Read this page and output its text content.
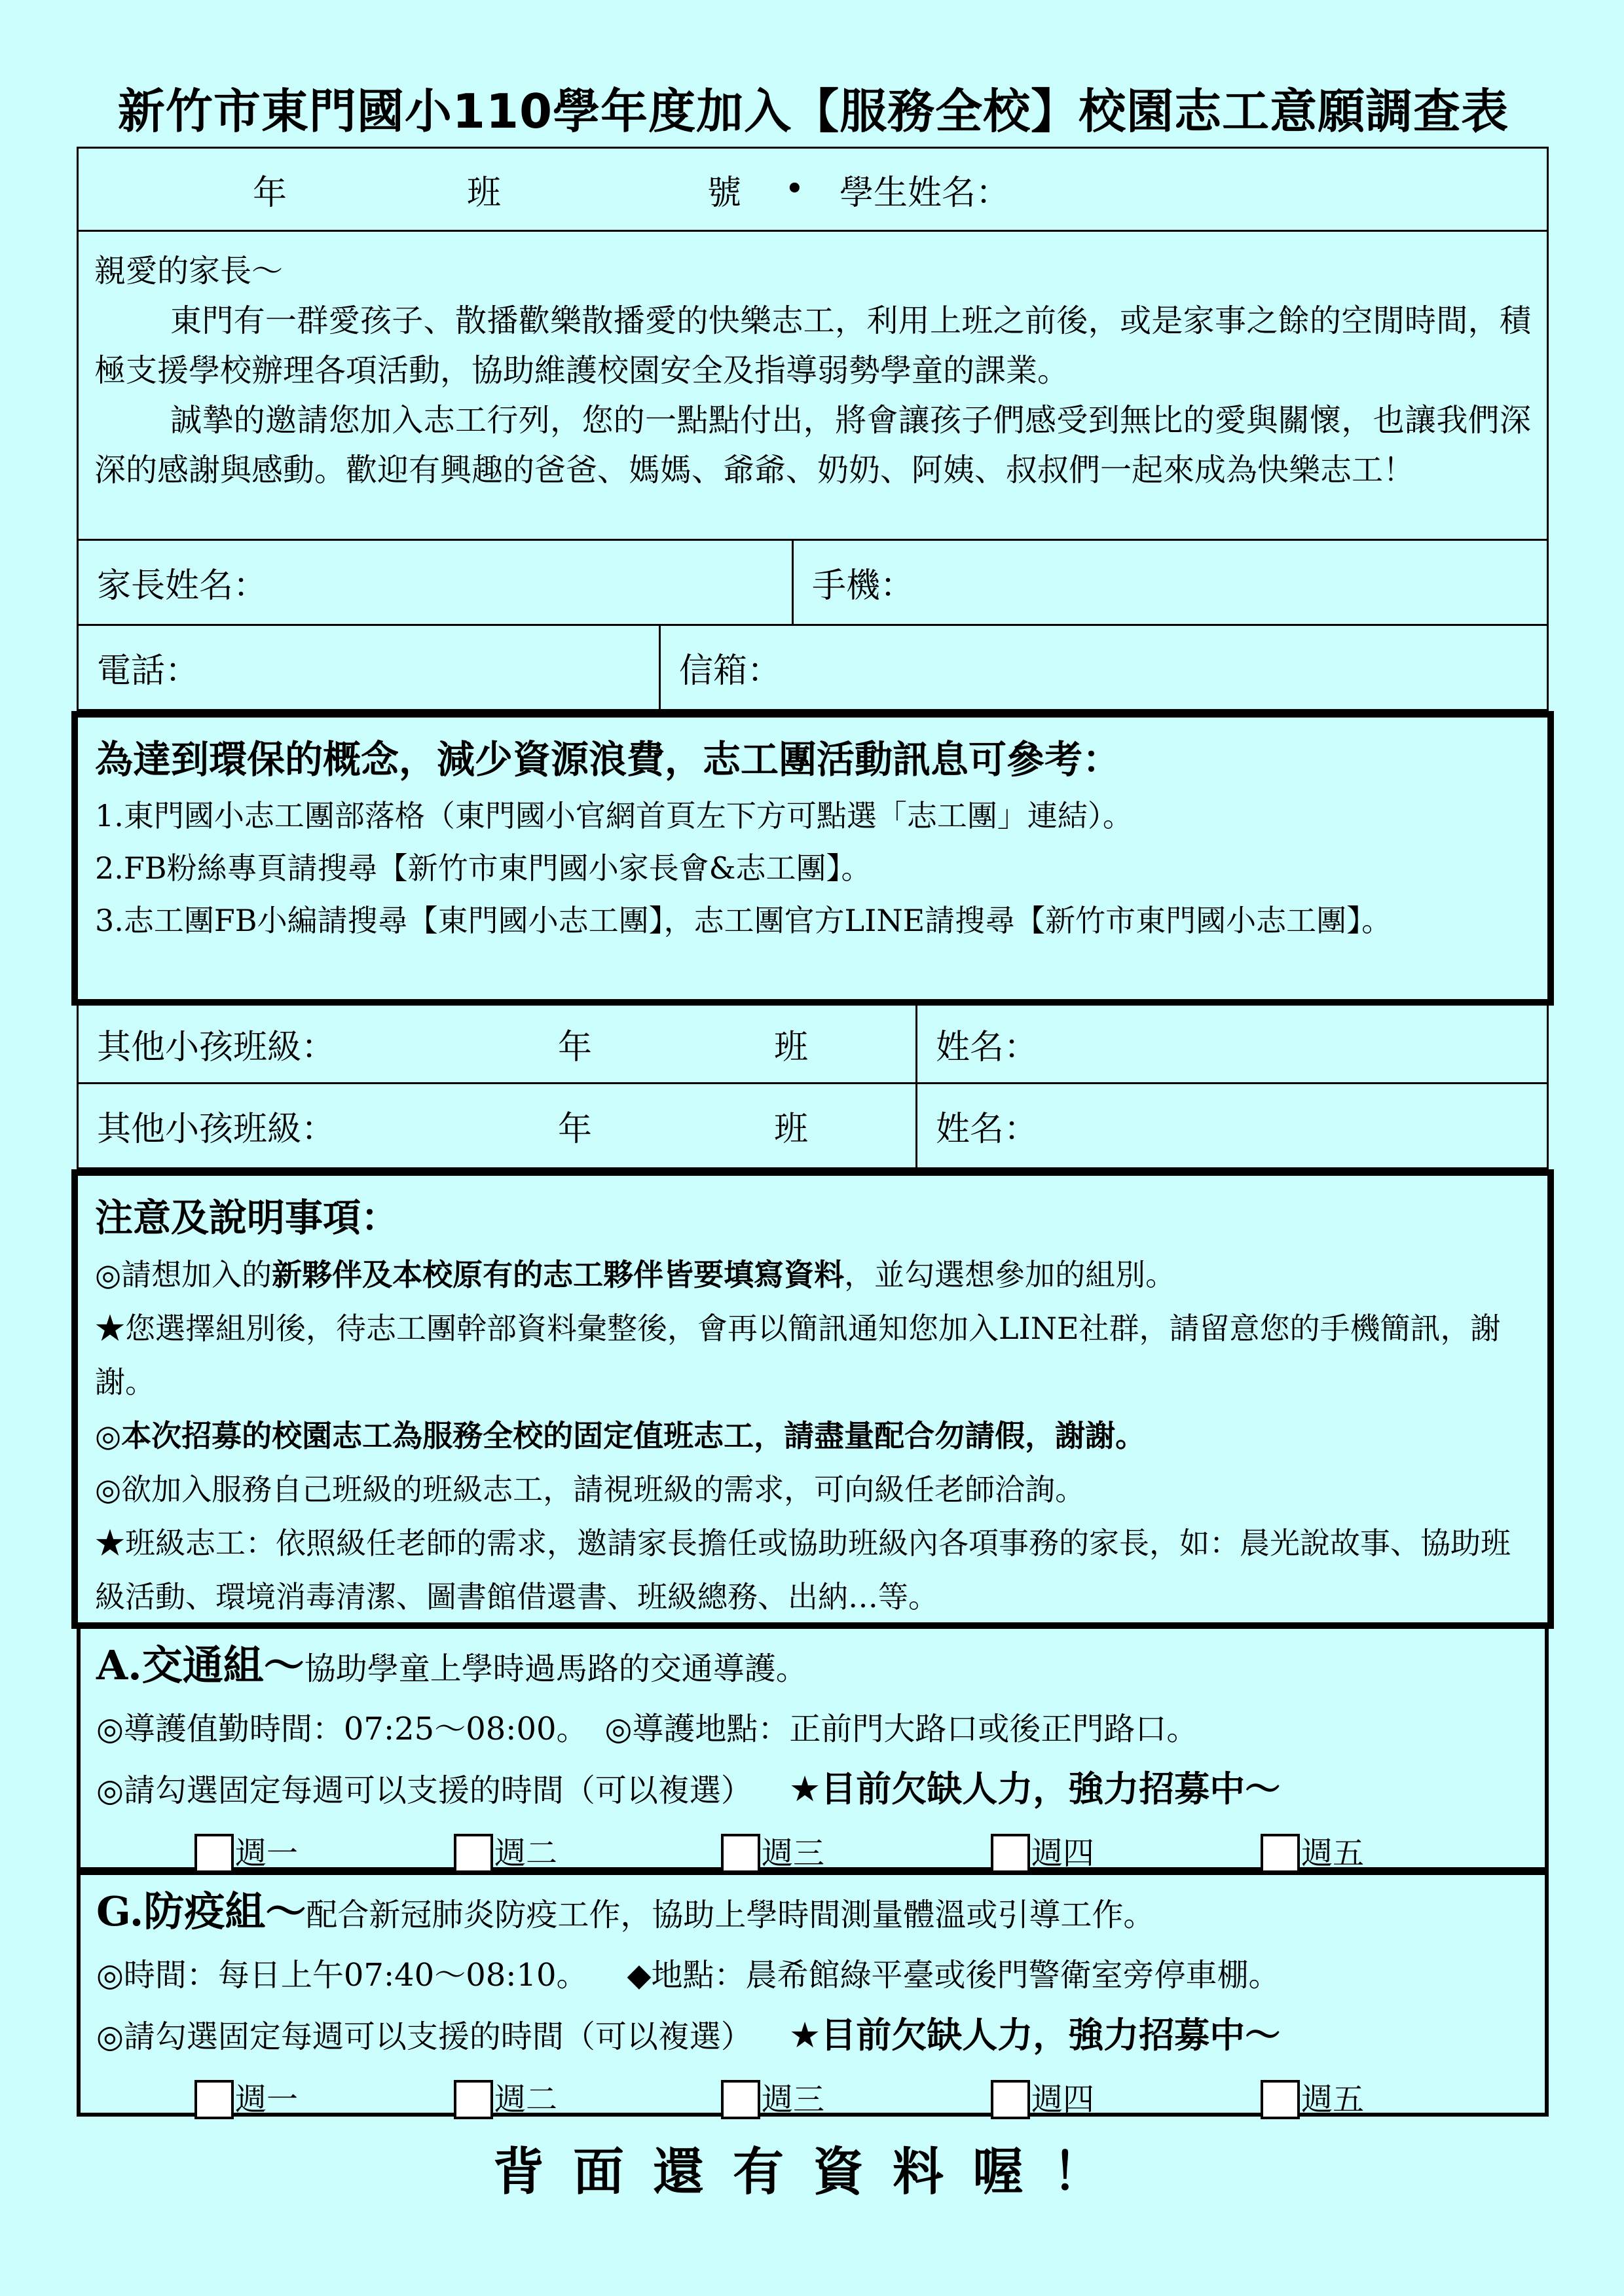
新竹市東門國小110學年度加入【服務全校】校園志工意願調查表
年	班	號 • 學生姓名：

親愛的家長～

東門有一群愛孩子、散播歡樂散播愛的快樂志工，利用上班之前後，或是家事之餘的空閒時間，積極支援學校辦理各項活動，協助維護校園安全及指導弱勢學童的課業。

誠摯的邀請您加入志工行列，您的一點點付出，將會讓孩子們感受到無比的愛與關懷，也讓我們深深的感謝與感動。歡迎有興趣的爸爸、媽媽、爺爺、奶奶、阿姨、叔叔們一起來成為快樂志工！

家長姓名：	手機：
電話：	信箱：
為達到環保的概念，減少資源浪費，志工團活動訊息可參考：

1.東門國小志工團部落格（東門國小官網首頁左下方可點選「志工團」連結）。

2.FB粉絲專頁請搜尋【新竹市東門國小家長會&志工團】。

3.志工團FB小編請搜尋【東門國小志工團】，志工團官方LINE請搜尋【新竹市東門國小志工團】。

其他小孩班級：	年	班	姓名：
其他小孩班級：	年	班	姓名：
注意及說明事項：

◎請想加入的新夥伴及本校原有的志工夥伴皆要填寫資料，並勾選想參加的組別。

★您選擇組別後，待志工團幹部資料彙整後，會再以簡訊通知您加入LINE社群，請留意您的手機簡訊，謝謝。

◎本次招募的校園志工為服務全校的固定值班志工，請盡量配合勿請假，謝謝。

◎欲加入服務自己班級的班級志工，請視班級的需求，可向級任老師洽詢。

★班級志工：依照級任老師的需求，邀請家長擔任或協助班級內各項事務的家長，如：晨光說故事、協助班級活動、環境消毒清潔、圖書館借還書、班級總務、出納…等。

A.交通組～協助學童上學時過馬路的交通導護。

◎導護值勤時間：07:25～08:00。 ◎導護地點：正前門大路口或後正門路口。

◎請勾選固定每週可以支援的時間（可以複選） ★目前欠缺人力，強力招募中～

週一	週二	週三	週四	週五

G.防疫組～配合新冠肺炎防疫工作，協助上學時間測量體溫或引導工作。

◎時間：每日上午07:40～08:10。 ◆地點：晨希館綠平臺或後門警衛室旁停車棚。

◎請勾選固定每週可以支援的時間（可以複選） ★目前欠缺人力，強力招募中～

週一	週二	週三	週四	週五
背面還有資料喔！
